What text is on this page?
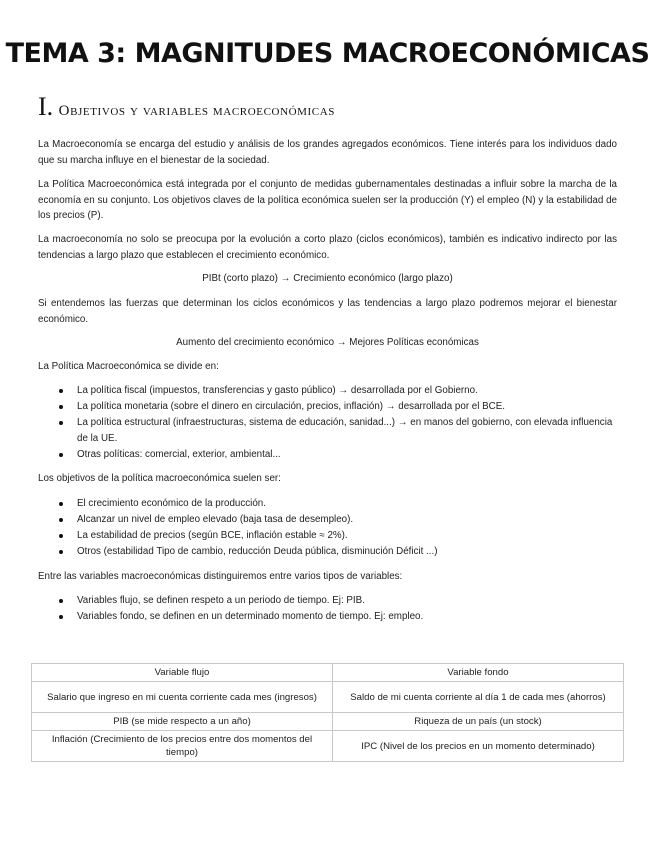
TEMA 3: MAGNITUDES MACROECONÓMICAS
I. Objetivos y variables macroeconómicas

La Macroeconomía se encarga del estudio y análisis de los grandes agregados económicos. Tiene interés para los individuos dado que su marcha influye en el bienestar de la sociedad.

La Política Macroeconómica está integrada por el conjunto de medidas gubernamentales destinadas a influir sobre la marcha de la economía en su conjunto. Los objetivos claves de la política económica suelen ser la producción (Y) el empleo (N) y la estabilidad de los precios (P).

La macroeconomía no solo se preocupa por la evolución a corto plazo (ciclos económicos), también es indicativo indirecto por las tendencias a largo plazo que establecen el crecimiento económico.

PIBt (corto plazo) → Crecimiento económico (largo plazo)

Si entendemos las fuerzas que determinan los ciclos económicos y las tendencias a largo plazo podremos mejorar el bienestar económico.

Aumento del crecimiento económico → Mejores Políticas económicas

La Política Macroeconómica se divide en:

La política fiscal (impuestos, transferencias y gasto público) → desarrollada por el Gobierno.
La política monetaria (sobre el dinero en circulación, precios, inflación) → desarrollada por el BCE.
La política estructural (infraestructuras, sistema de educación, sanidad...) → en manos del gobierno, con elevada influencia de la UE.
Otras políticas: comercial, exterior, ambiental...

Los objetivos de la política macroeconómica suelen ser:

El crecimiento económico de la producción.
Alcanzar un nivel de empleo elevado (baja tasa de desempleo).
La estabilidad de precios (según BCE, inflación estable ≈ 2%).
Otros (estabilidad Tipo de cambio, reducción Deuda pública, disminución Déficit ...)

Entre las variables macroeconómicas distinguiremos entre varios tipos de variables:

Variables flujo, se definen respeto a un periodo de tiempo. Ej: PIB.
Variables fondo, se definen en un determinado momento de tiempo. Ej: empleo.
Variable flujo	Variable fondo
Salario que ingreso en mi cuenta corriente cada mes (ingresos)	Saldo de mi cuenta corriente al día 1 de cada mes (ahorros)
PIB (se mide respecto a un año)	Riqueza de un país (un stock)
Inflación (Crecimiento de los precios entre dos momentos del tiempo)	IPC (Nivel de los precios en un momento determinado)
